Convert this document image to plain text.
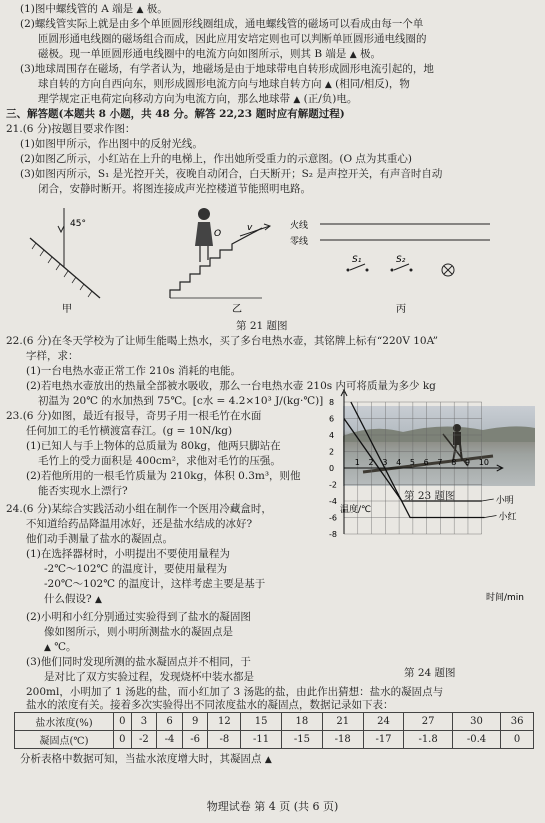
(1)图中螺线管的 A 端是 ▲ 极。
(2)螺线管实际上就是由多个单匝圆形线圈组成，通电螺线管的磁场可以看成由每一个单
匝圆形通电线圈的磁场组合而成，因此应用安培定则也可以判断单匝圆形通电线圈的
磁极。现一单匝圆形通电线圈中的电流方向如图所示，则其 B 端是 ▲ 极。
(3)地球周围存在磁场，有学者认为，地磁场是由于地球带电自转形成圆形电流引起的，地
球自转的方向自西向东，则形成圆形电流方向与地球自转方向 ▲ (相同/相反)，物
理学规定正电荷定向移动方向为电流方向，那么地球带 ▲ (正/负)电。
三、解答题(本题共 8 小题，共 48 分。解答 22,23 题时应有解题过程)
21.(6 分)按题目要求作图：
(1)如图甲所示，作出图中的反射光线。
(2)如图乙所示，小红站在上升的电梯上，作出她所受重力的示意图。(O 点为其重心)
(3)如图丙所示，S₁ 是光控开关，夜晚自动闭合，白天断开；S₂ 是声控开关，有声音时自动
闭合，安静时断开。将图连接成声光控楼道节能照明电路。
45°
甲
v
O
乙
火线
零线
S₁	S₂
丙
第 21 题图
22.(6 分)在冬天学校为了让师生能喝上热水，买了多台电热水壶，其铭牌上标有“220V 10A”
字样，求：
(1)一台电热水壶正常工作 210s 消耗的电能。
(2)若电热水壶放出的热量全部被水吸收，那么一台电热水壶 210s 内可将质量为多少 kg
初温为 20℃ 的水加热到 75℃。[c水 = 4.2×10³ J/(kg·℃)]
23.(6 分)如图，最近有报导，奇男子用一根毛竹在水面
任何加工的毛竹横渡富春江。(g = 10N/kg)
(1)已知人与手上物体的总质量为 80kg，他两只脚站在
毛竹上的受力面积是 400cm²，求他对毛竹的压强。
(2)若他所用的一根毛竹质量为 210kg，体积 0.3m³，则他
能否实现水上漂行?	第 23 题图
24.(6 分)某综合实践活动小组在制作一个医用冷藏盒时，
不知道给药品降温用冰好，还是盐水结成的冰好?
他们动手测量了盐水的凝固点。
(1)在选择器材时，小明提出不要使用量程为
-2℃～102℃ 的温度计，要使用量程为
-20℃～102℃ 的温度计，这样考虑主要是基于
什么假设? ▲
(2)小明和小红分别通过实验得到了盐水的凝固图
像如图所示，则小明所测盐水的凝固点是
▲ ℃。
(3)他们同时发现所测的盐水凝固点并不相同，于
是对比了双方实验过程，发现烧杯中装水都是
200ml，小明加了 1 汤匙的盐，而小红加了 3 汤匙的盐，由此作出猜想：盐水的凝固点与
盐水的浓度有关。接着多次实验得出不同浓度盐水的凝固点，数据记录如下表：
1 2 3 4 5 6 7 8 9 10
8
6
4
2
0
-2
-4
-6
-8
小明
小红
温度/℃
时间/min
第 24 题图
盐水浓度(%)	0	3	6	9	12	15	18	21	24	27	30	36
凝固点(℃)	0	-2	-4	-6	-8	-11	-15	-18	-17	-1.8	-0.4	0
分析表格中数据可知，当盐水浓度增大时，其凝固点 ▲
物理试卷 第 4 页 (共 6 页)
